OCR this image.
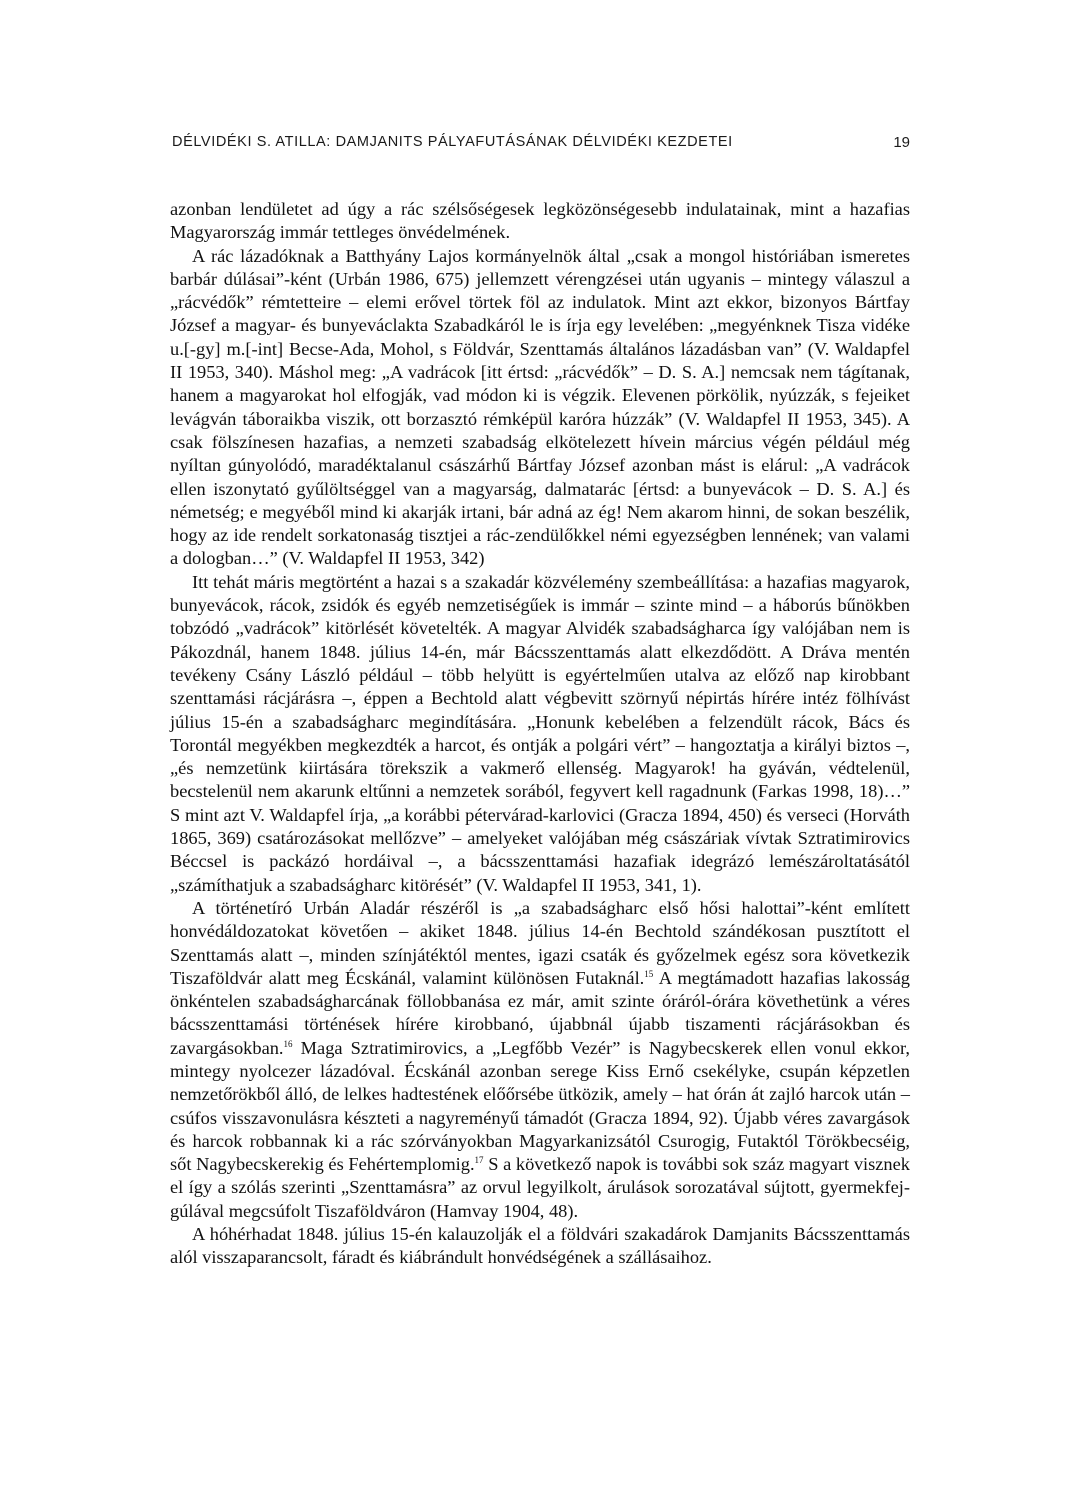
DÉLVIDÉKI S. ATILLA: DAMJANITS PÁLYAFUTÁSÁNAK DÉLVIDÉKI KEZDETEI	19

azonban lendületet ad úgy a rác szélsőségesek legközönségesebb indulatainak, mint a hazafias Magyarország immár tettleges önvédelmének.

A rác lázadóknak a Batthyány Lajos kormányelnök által „csak a mongol históriában ismeretes barbár dúlásai”-ként (Urbán 1986, 675) jellemzett vérengzései után ugyanis – mintegy válaszul a „rácvédők” rémtetteire – elemi erővel törtek föl az indulatok. Mint azt ekkor, bizonyos Bártfay József a magyar- és bunyeváclakta Szabadkáról le is írja egy levelében: „megyénknek Tisza vidéke u.[-gy] m.[-int] Becse-Ada, Mohol, s Földvár, Szenttamás általános lázadásban van” (V. Waldapfel II 1953, 340). Máshol meg: „A vadrácok [itt értsd: „rácvédők” – D. S. A.] nemcsak nem tágítanak, hanem a magyarokat hol elfogják, vad módon ki is végzik. Elevenen pörkölik, nyúzzák, s fejeiket levágván táboraikba viszik, ott borzasztó rémképül karóra húzzák” (V. Waldapfel II 1953, 345). A csak fölszínesen hazafias, a nemzeti szabadság elkötelezett hívein március végén például még nyíltan gúnyolódó, maradéktalanul császárhű Bártfay József azonban mást is elárul: „A vadrácok ellen iszonytató gyűlöltséggel van a magyarság, dalmatarác [értsd: a bunyevácok – D. S. A.] és németség; e megyéből mind ki akarják irtani, bár adná az ég! Nem akarom hinni, de sokan beszélik, hogy az ide rendelt sorkatonaság tisztjei a rác-zendülőkkel némi egyezségben lennének; van valami a dologban…” (V. Waldapfel II 1953, 342)

Itt tehát máris megtörtént a hazai s a szakadár közvélemény szembeállítása: a hazafias magyarok, bunyevácok, rácok, zsidók és egyéb nemzetiségűek is immár – szinte mind – a háborús bűnökben tobzódó „vadrácok” kitörlését követelték. A magyar Alvidék szabadságharca így valójában nem is Pákozdnál, hanem 1848. július 14-én, már Bácsszenttamás alatt elkezdődött. A Dráva mentén tevékeny Csány László például – több helyütt is egyértelműen utalva az előző nap kirobbant szenttamási rácjárásra –, éppen a Bechtold alatt végbevitt szörnyű népirtás hírére intéz fölhívást július 15-én a szabadságharc megindítására. „Honunk kebelében a felzendült rácok, Bács és Torontál megyékben megkezdték a harcot, és ontják a polgári vért” – hangoztatja a királyi biztos –, „és nemzetünk kiirtására törekszik a vakmerő ellenség. Magyarok! ha gyáván, védtelenül, becstelenül nem akarunk eltűnni a nemzetek sorából, fegyvert kell ragadnunk (Farkas 1998, 18)…” S mint azt V. Waldapfel írja, „a korábbi pétervárad-karlovici (Gracza 1894, 450) és verseci (Horváth 1865, 369) csatározásokat mellőzve” – amelyeket valójában még császáriak vívtak Sztratimirovics Béccsel is packázó hordáival –, a bácsszenttamási hazafiak idegrázó lemészároltatásától „számíthatjuk a szabadságharc kitörését” (V. Waldapfel II 1953, 341, 1).

A történetíró Urbán Aladár részéről is „a szabadságharc első hősi halottai”-ként említett honvédáldozatokat követően – akiket 1848. július 14-én Bechtold szándékosan pusztított el Szenttamás alatt –, minden színjátéktól mentes, igazi csaták és győzelmek egész sora következik Tiszaföldvár alatt meg Écskánál, valamint különösen Futaknál.$^{15}$ A megtámadott hazafias lakosság önkéntelen szabadságharcának föllobbanása ez már, amit szinte óráról-órára követhetünk a véres bácsszenttamási történések hírére kirobbanó, újabbnál újabb tiszamenti rácjárásokban és zavargásokban.$^{16}$ Maga Sztratimirovics, a „Legfőbb Vezér” is Nagybecskerek ellen vonul ekkor, mintegy nyolcezer lázadóval. Écskánál azonban serege Kiss Ernő csekélyke, csupán képzetlen nemzetőrökből álló, de lelkes hadtestének előőrsébe ütközik, amely – hat órán át zajló harcok után – csúfos visszavonulásra készteti a nagyreményű támadót (Gracza 1894, 92). Újabb véres zavargások és harcok robbannak ki a rác szórványokban Magyarkanizsától Csurogig, Futaktól Törökbecséig, sőt Nagybecskerekig és Fehértemplomig.$^{17}$ S a következő napok is további sok száz magyart visznek el így a szólás szerinti „Szenttamásra” az orvul legyilkolt, árulások sorozatával sújtott, gyermekfej-gúlával megcsúfolt Tiszaföldváron (Hamvay 1904, 48).

A hóhérhadat 1848. július 15-én kalauzolják el a földvári szakadárok Damjanits Bácsszenttamás alól visszaparancsolt, fáradt és kiábrándult honvédségének a szállásaihoz.
